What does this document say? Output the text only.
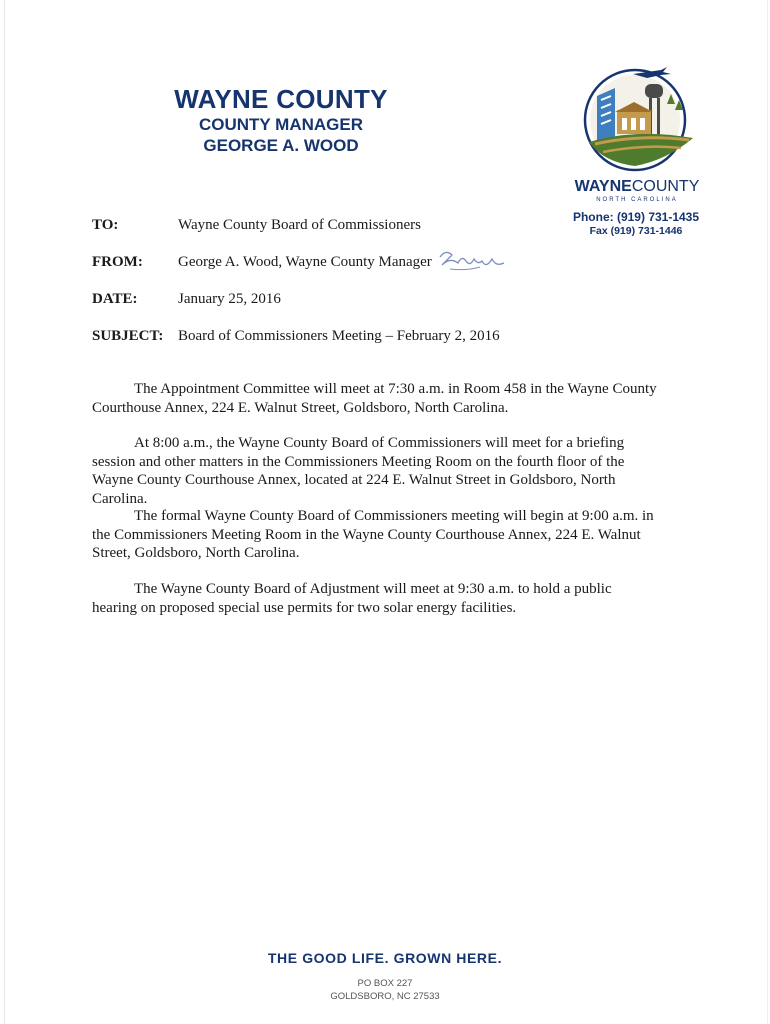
WAYNE COUNTY
COUNTY MANAGER
GEORGE A. WOOD
WAYNECOUNTY
NORTH CAROLINA
Phone: (919) 731-1435
Fax (919) 731-1446
TO:	Wayne County Board of Commissioners
FROM: George A. Wood, Wayne County Manager
DATE:	January 25, 2016
SUBJECT: Board of Commissioners Meeting – February 2, 2016

The Appointment Committee will meet at 7:30 a.m. in Room 458 in the Wayne County Courthouse Annex, 224 E. Walnut Street, Goldsboro, North Carolina.

At 8:00 a.m., the Wayne County Board of Commissioners will meet for a briefing session and other matters in the Commissioners Meeting Room on the fourth floor of the Wayne County Courthouse Annex, located at 224 E. Walnut Street in Goldsboro, North Carolina.

The formal Wayne County Board of Commissioners meeting will begin at 9:00 a.m. in the Commissioners Meeting Room in the Wayne County Courthouse Annex, 224 E. Walnut Street, Goldsboro, North Carolina.

The Wayne County Board of Adjustment will meet at 9:30 a.m. to hold a public hearing on proposed special use permits for two solar energy facilities.

THE GOOD LIFE. GROWN HERE.
PO BOX 227
GOLDSBORO, NC 27533
